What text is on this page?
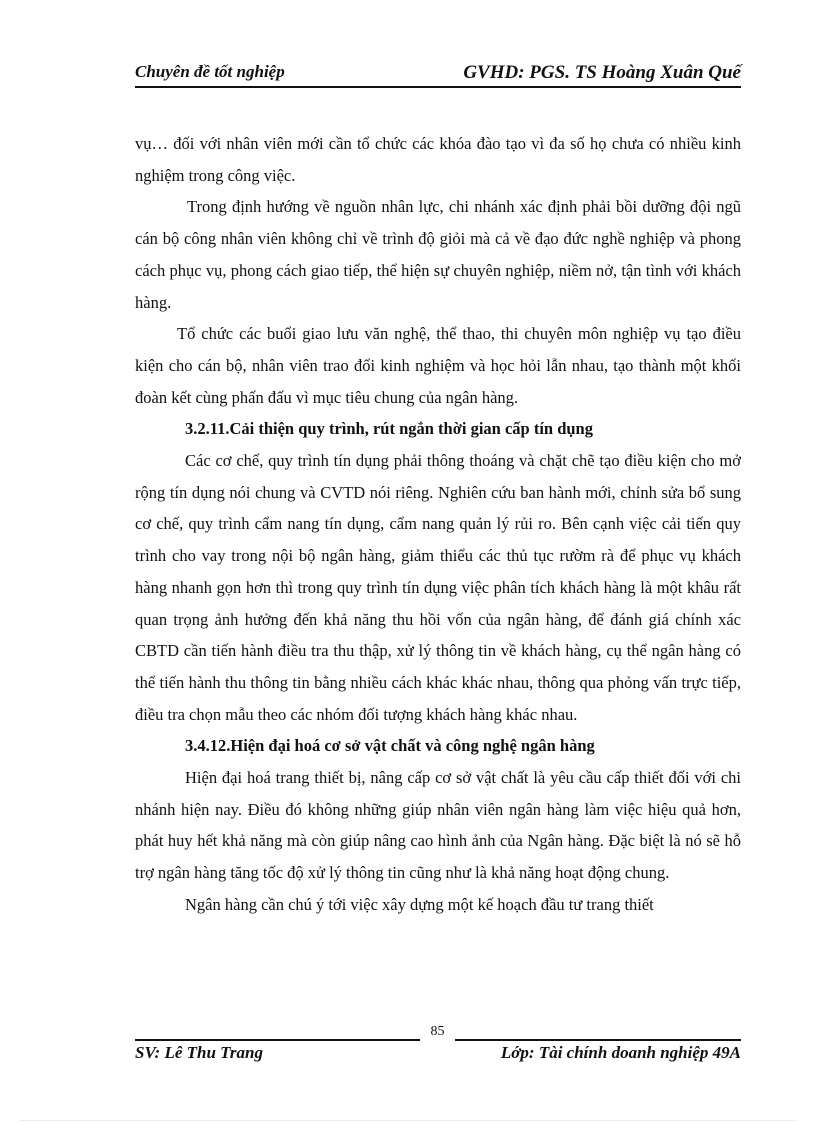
Chuyên đề tốt nghiệp	GVHD: PGS. TS Hoàng Xuân Quế

vụ… đối với nhân viên mới cần tổ chức các khóa đào tạo vì đa số họ chưa có nhiều kinh nghiệm trong công việc.

Trong định hướng về nguồn nhân lực, chi nhánh xác định phải bồi dưỡng đội ngũ cán bộ công nhân viên không chỉ về trình độ giỏi mà cả về đạo đức nghề nghiệp và phong cách phục vụ, phong cách giao tiếp, thể hiện sự chuyên nghiệp, niềm nở, tận tình với khách hàng.

Tổ chức các buổi giao lưu văn nghệ, thể thao, thi chuyên môn nghiệp vụ tạo điều kiện cho cán bộ, nhân viên trao đổi kinh nghiệm và học hỏi lẫn nhau, tạo thành một khối đoàn kết cùng phấn đấu vì mục tiêu chung của ngân hàng.

3.2.11.Cải thiện quy trình, rút ngắn thời gian cấp tín dụng

Các cơ chế, quy trình tín dụng phải thông thoáng và chặt chẽ tạo điều kiện cho mở rộng tín dụng nói chung và CVTD nói riêng. Nghiên cứu ban hành mới, chỉnh sửa bổ sung cơ chế, quy trình cẩm nang tín dụng, cẩm nang quản lý rủi ro. Bên cạnh việc cải tiến quy trình cho vay trong nội bộ ngân hàng, giảm thiểu các thủ tục rườm rà để phục vụ khách hàng nhanh gọn hơn thì trong quy trình tín dụng việc phân tích khách hàng là một khâu rất quan trọng ảnh hưởng đến khả năng thu hồi vốn của ngân hàng, để đánh giá chính xác CBTD cần tiến hành điều tra thu thập, xử lý thông tin về khách hàng, cụ thể ngân hàng có thể tiến hành thu thông tin bằng nhiều cách khác khác nhau, thông qua phỏng vấn trực tiếp, điều tra chọn mẫu theo các nhóm đối tượng khách hàng khác nhau.

3.4.12.Hiện đại hoá cơ sở vật chất và công nghệ ngân hàng

Hiện đại hoá trang thiết bị, nâng cấp cơ sở vật chất là yêu cầu cấp thiết đối với chi nhánh hiện nay. Điều đó không những giúp nhân viên ngân hàng làm việc hiệu quả hơn, phát huy hết khả năng mà còn giúp nâng cao hình ảnh của Ngân hàng. Đặc biệt là nó sẽ hỗ trợ ngân hàng tăng tốc độ xử lý thông tin cũng như là khả năng hoạt động chung.

Ngân hàng cần chú ý tới việc xây dựng một kế hoạch đầu tư trang thiết

85
SV: Lê Thu Trang	Lớp: Tài chính doanh nghiệp 49A
